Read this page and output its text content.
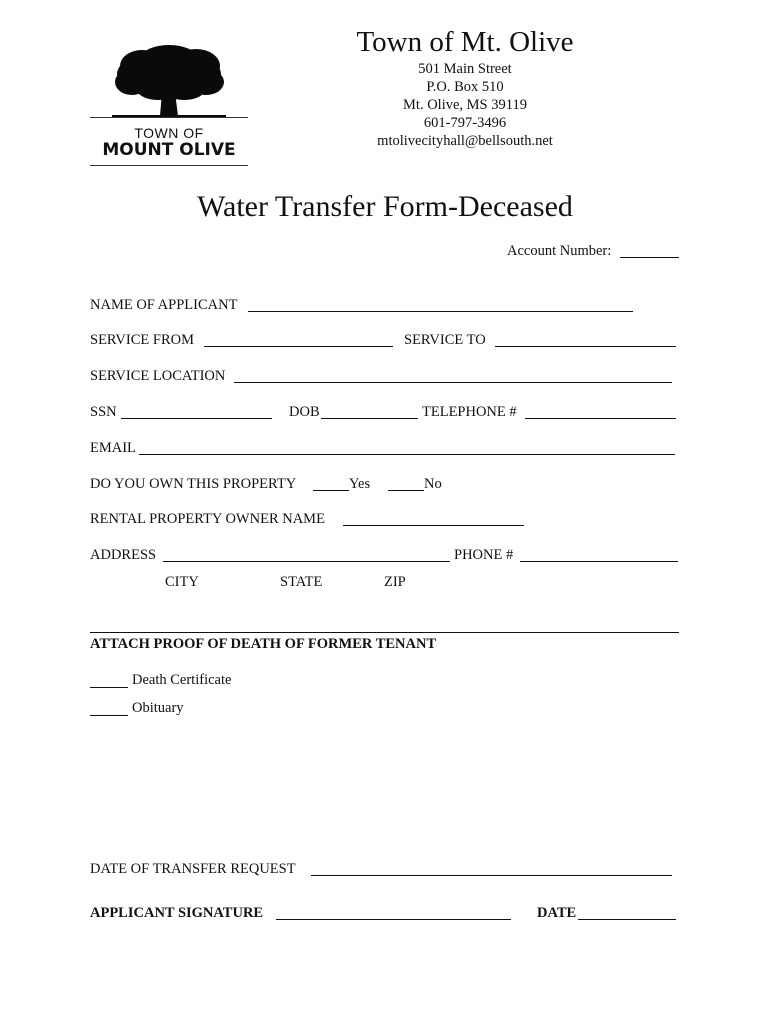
TOWN OF
MOUNT OLIVE
Town of Mt. Olive
501 Main Street
P.O. Box 510
Mt. Olive, MS 39119
601-797-3496
mtolivecityhall@bellsouth.net
Water Transfer Form-Deceased
Account Number:
NAME OF APPLICANT
SERVICE FROM	SERVICE TO
SERVICE LOCATION
SSN	DOB	TELEPHONE #
EMAIL
DO YOU OWN THIS PROPERTY	Yes	No
RENTAL PROPERTY OWNER NAME
ADDRESS	PHONE #
CITY	STATE	ZIP
ATTACH PROOF OF DEATH OF FORMER TENANT
Death Certificate
Obituary
DATE OF TRANSFER REQUEST
APPLICANT SIGNATURE	DATE
